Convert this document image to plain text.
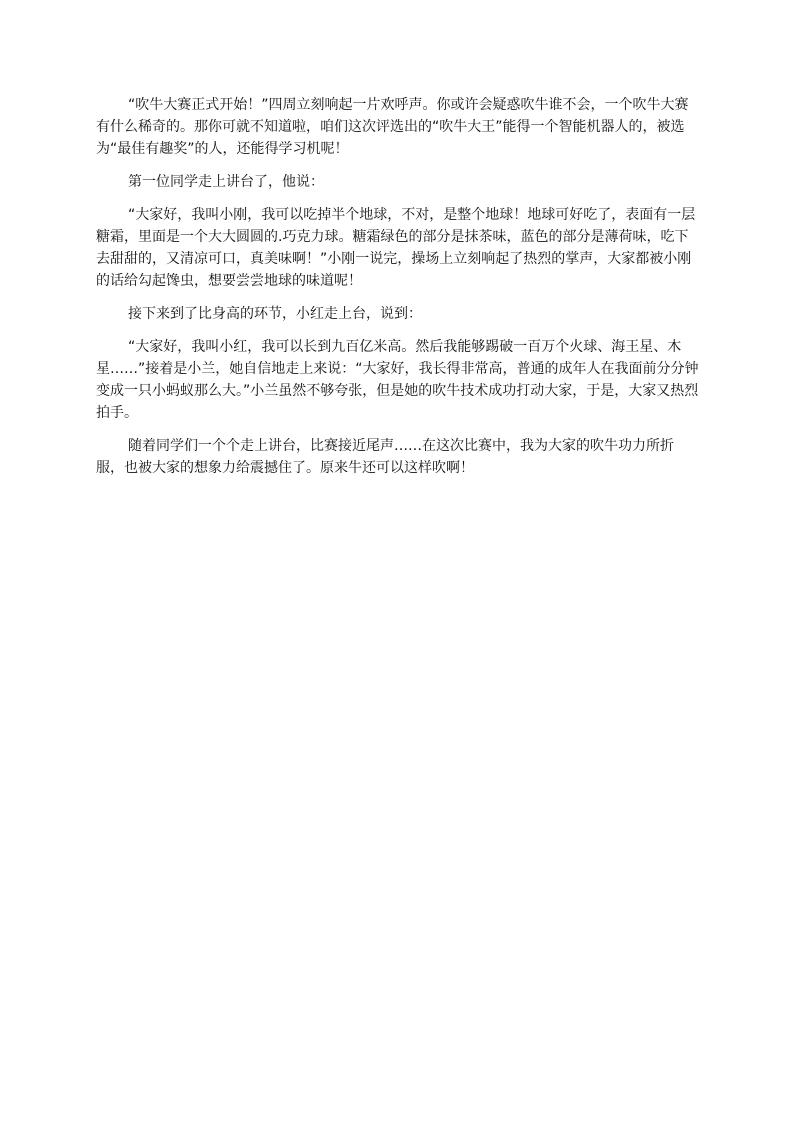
“吹牛大赛正式开始！”四周立刻响起一片欢呼声。你或许会疑惑吹牛谁不会，一个吹牛大赛有什么稀奇的。那你可就不知道啦，咱们这次评选出的“吹牛大王”能得一个智能机器人的，被选为“最佳有趣奖”的人，还能得学习机呢！

第一位同学走上讲台了，他说：

“大家好，我叫小刚，我可以吃掉半个地球，不对，是整个地球！地球可好吃了，表面有一层糖霜，里面是一个大大圆圆的.巧克力球。糖霜绿色的部分是抹茶味，蓝色的部分是薄荷味，吃下去甜甜的，又清凉可口，真美味啊！”小刚一说完，操场上立刻响起了热烈的掌声，大家都被小刚的话给勾起馋虫，想要尝尝地球的味道呢！

接下来到了比身高的环节，小红走上台，说到：

“大家好，我叫小红，我可以长到九百亿米高。然后我能够踢破一百万个火球、海王星、木星……”接着是小兰，她自信地走上来说：“大家好，我长得非常高，普通的成年人在我面前分分钟变成一只小蚂蚁那么大。”小兰虽然不够夸张，但是她的吹牛技术成功打动大家，于是，大家又热烈拍手。

随着同学们一个个走上讲台，比赛接近尾声……在这次比赛中，我为大家的吹牛功力所折服，也被大家的想象力给震撼住了。原来牛还可以这样吹啊！
